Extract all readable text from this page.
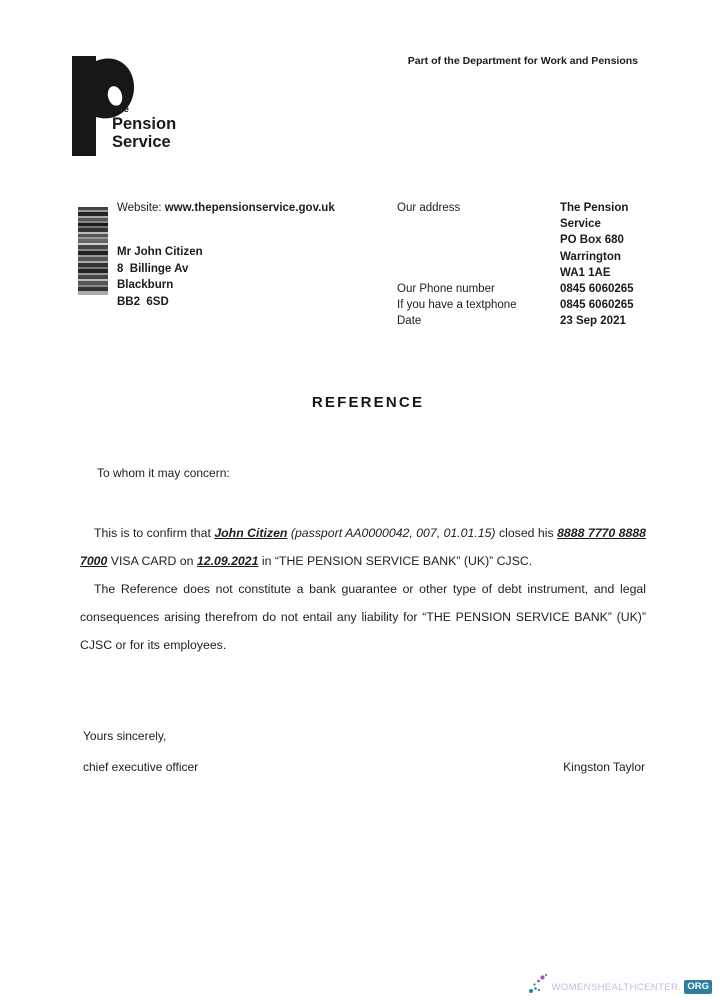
The
Pension
Service
Part of the Department for Work and Pensions
Website: www.thepensionservice.gov.uk
Mr John Citizen
8  Billinge Av
Blackburn
BB2  6SD
Our address	The Pension
Service
PO Box 680
Warrington
WA1 1AE
Our Phone number	0845 6060265
If you have a textphone	0845 6060265
Date	23 Sep 2021
REFERENCE
To whom it may concern:

This is to confirm that John Citizen (passport AA0000042, 007, 01.01.15) closed his 8888 7770 8888 7000 VISA CARD on 12.09.2021 in “THE PENSION SERVICE BANK” (UK)” CJSC.

The Reference does not constitute a bank guarantee or other type of debt instrument, and legal consequences arising therefrom do not entail any liability for “THE PENSION SERVICE BANK” (UK)” CJSC or for its employees.

Yours sincerely,
chief executive officer	Kingston Taylor
WOMENSHEALTHCENTER. ORG
